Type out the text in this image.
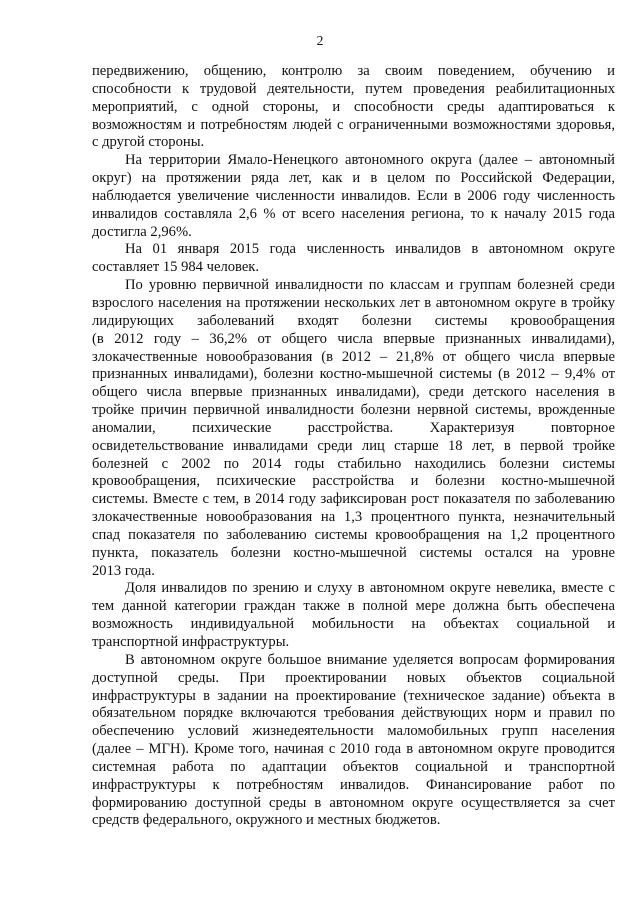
2

передвижению, общению, контролю за своим поведением, обучению и
способности к трудовой деятельности, путем проведения реабилитационных
мероприятий, с одной стороны, и способности среды адаптироваться к
возможностям и потребностям людей с ограниченными возможностями здоровья,
с другой стороны.

На территории Ямало-Ненецкого автономного округа (далее – автономный
округ) на протяжении ряда лет, как и в целом по Российской Федерации,
наблюдается увеличение численности инвалидов. Если в 2006 году численность
инвалидов составляла 2,6 % от всего населения региона, то к началу 2015 года
достигла 2,96%.

На 01 января 2015 года численность инвалидов в автономном округе
составляет 15 984 человек.

По уровню первичной инвалидности по классам и группам болезней среди
взрослого населения на протяжении нескольких лет в автономном округе в тройку
лидирующих заболеваний входят болезни системы кровообращения
(в 2012 году – 36,2% от общего числа впервые признанных инвалидами),
злокачественные новообразования (в 2012 – 21,8% от общего числа впервые
признанных инвалидами), болезни костно-мышечной системы (в 2012 – 9,4% от
общего числа впервые признанных инвалидами), среди детского населения в
тройке причин первичной инвалидности болезни нервной системы, врожденные
аномалии, психические расстройства. Характеризуя повторное
освидетельствование инвалидами среди лиц старше 18 лет, в первой тройке
болезней с 2002 по 2014 годы стабильно находились болезни системы
кровообращения, психические расстройства и болезни костно-мышечной
системы. Вместе с тем, в 2014 году зафиксирован рост показателя по заболеванию
злокачественные новообразования на 1,3 процентного пункта, незначительный
спад показателя по заболеванию системы кровообращения на 1,2 процентного
пункта, показатель болезни костно-мышечной системы остался на уровне
2013 года.

Доля инвалидов по зрению и слуху в автономном округе невелика, вместе с
тем данной категории граждан также в полной мере должна быть обеспечена
возможность индивидуальной мобильности на объектах социальной и
транспортной инфраструктуры.

В автономном округе большое внимание уделяется вопросам формирования
доступной среды. При проектировании новых объектов социальной
инфраструктуры в задании на проектирование (техническое задание) объекта в
обязательном порядке включаются требования действующих норм и правил по
обеспечению условий жизнедеятельности маломобильных групп населения
(далее – МГН). Кроме того, начиная с 2010 года в автономном округе проводится
системная работа по адаптации объектов социальной и транспортной
инфраструктуры к потребностям инвалидов. Финансирование работ по
формированию доступной среды в автономном округе осуществляется за счет
средств федерального, окружного и местных бюджетов.
